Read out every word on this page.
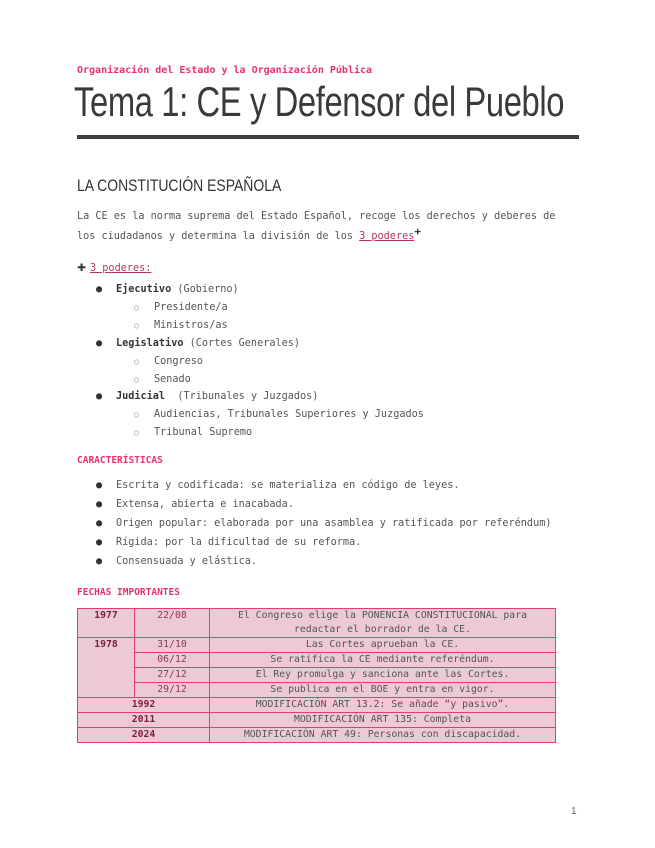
Organización del Estado y la Organización Pública
Tema 1: CE y Defensor del Pueblo
LA CONSTITUCIÓN ESPAÑOLA
La CE es la norma suprema del Estado Español, recoge los derechos y deberes de
los ciudadanos y determina la división de los 3 poderes+
✚ 3 poderes:
● Ejecutivo (Gobierno)
○ Presidente/a
○ Ministros/as
● Legislativo (Cortes Generales)
○ Congreso
○ Senado
● Judicial  (Tribunales y Juzgados)
○ Audiencias, Tribunales Superiores y Juzgados
○ Tribunal Supremo
CARACTERÍSTICAS
● Escrita y codificada: se materializa en código de leyes.
● Extensa, abierta e inacabada.
● Origen popular: elaborada por una asamblea y ratificada por referéndum)
● Rígida: por la dificultad de su reforma.
● Consensuada y elástica.
FECHAS IMPORTANTES
1977	22/08	El Congreso elige la PONENCIA CONSTITUCIONAL para redactar el borrador de la CE.
1978	31/10	Las Cortes aprueban la CE.
	06/12	Se ratifica la CE mediante referéndum.
	27/12	El Rey promulga y sanciona ante las Cortes.
	29/12	Se publica en el BOE y entra en vigor.
1992		MODIFICACIÓN ART 13.2: Se añade “y pasivo”.
2011		MODIFICACIÓN ART 135: Completa
2024		MODIFICACIÓN ART 49: Personas con discapacidad.
1
